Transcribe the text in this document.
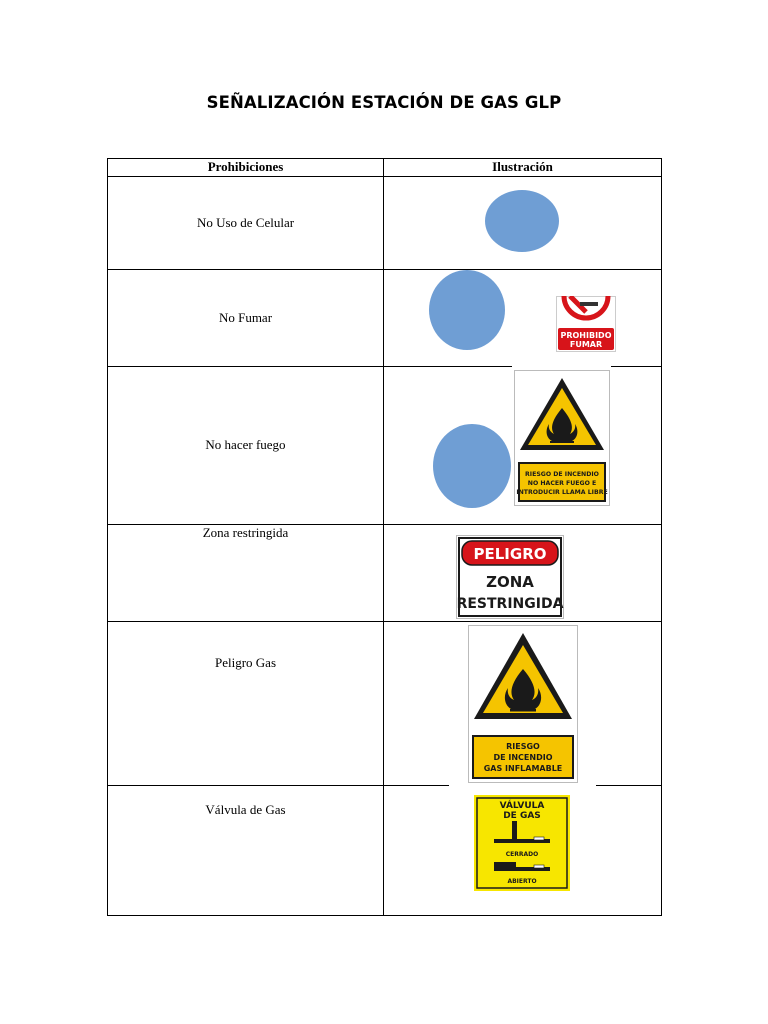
SEÑALIZACIÓN ESTACIÓN DE GAS GLP
Prohibiciones	Ilustración
No Uso de Celular
No Fumar
No hacer fuego
Zona restringida
Peligro Gas
Válvula de Gas
PROHIBIDO
FUMAR
RIESGO DE INCENDIO
NO HACER FUEGO E
INTRODUCIR LLAMA LIBRE
PELIGRO
ZONA
RESTRINGIDA
RIESGO
DE INCENDIO
GAS INFLAMABLE
VÁLVULA
DE GAS
CERRADO
ABIERTO
